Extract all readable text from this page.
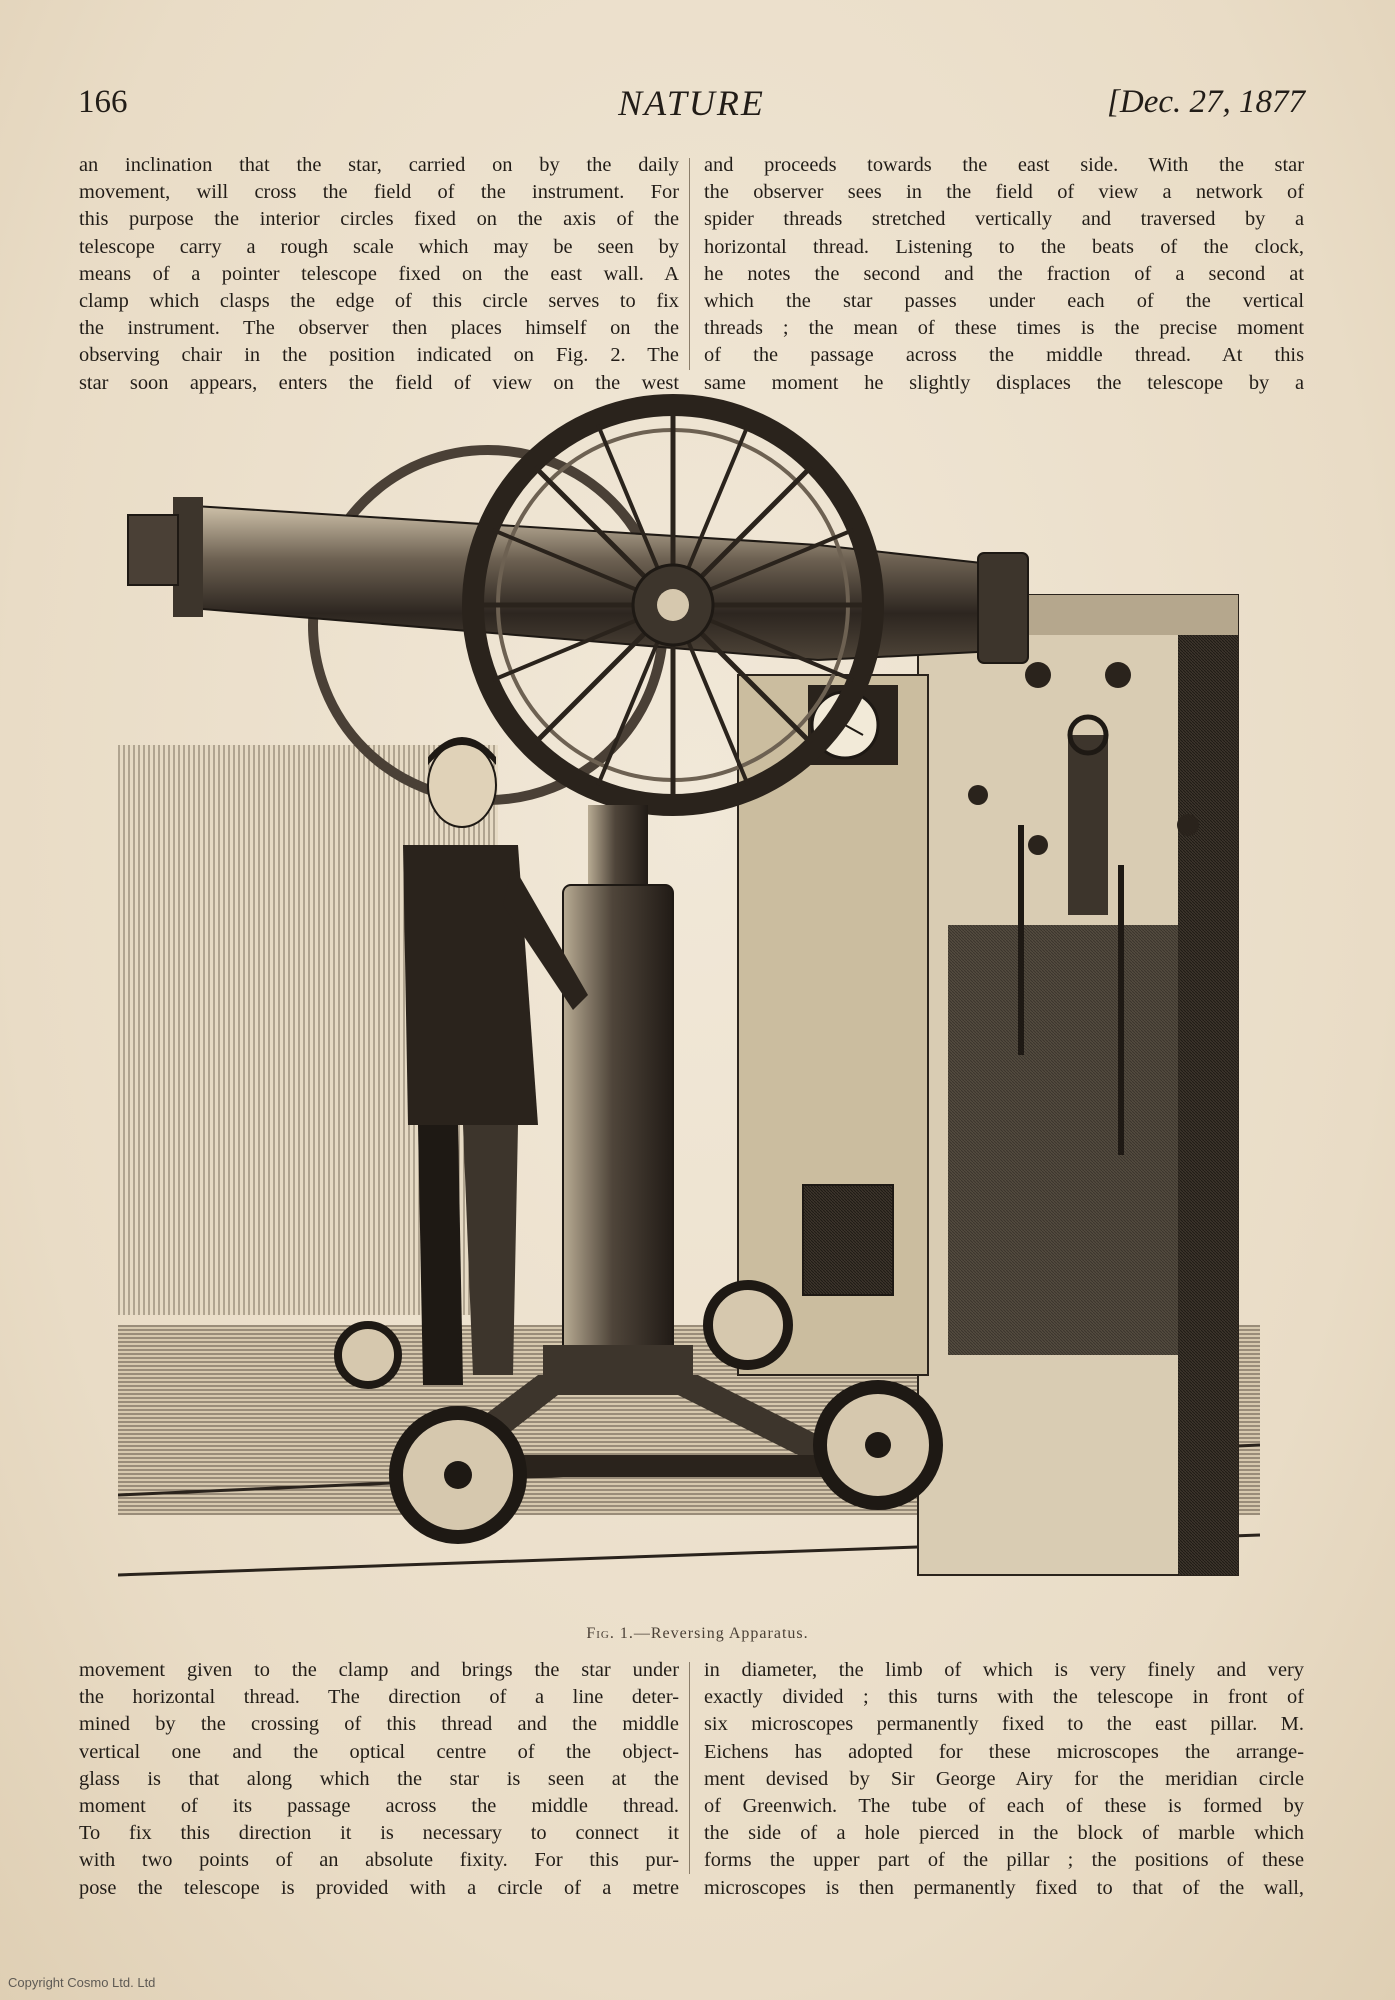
166	NATURE	[Dec. 27, 1877

an inclination that the star, carried on by the daily

movement, will cross the field of the instrument. For

this purpose the interior circles fixed on the axis of the

telescope carry a rough scale which may be seen by

means of a pointer telescope fixed on the east wall. A

clamp which clasps the edge of this circle serves to fix

the instrument. The observer then places himself on the

observing chair in the position indicated on Fig. 2. The

star soon appears, enters the field of view on the west

and proceeds towards the east side. With the star

the observer sees in the field of view a network of

spider threads stretched vertically and traversed by a

horizontal thread. Listening to the beats of the clock,

he notes the second and the fraction of a second at

which the star passes under each of the vertical

threads ; the mean of these times is the precise moment

of the passage across the middle thread. At this

same moment he slightly displaces the telescope by a

Fig. 1.—Reversing Apparatus.

movement given to the clamp and brings the star under

the horizontal thread. The direction of a line deter-

mined by the crossing of this thread and the middle

vertical one and the optical centre of the object-

glass is that along which the star is seen at the

moment of its passage across the middle thread.

To fix this direction it is necessary to connect it

with two points of an absolute fixity. For this pur-

pose the telescope is provided with a circle of a metre

in diameter, the limb of which is very finely and very

exactly divided ; this turns with the telescope in front of

six microscopes permanently fixed to the east pillar. M.

Eichens has adopted for these microscopes the arrange-

ment devised by Sir George Airy for the meridian circle

of Greenwich. The tube of each of these is formed by

the side of a hole pierced in the block of marble which

forms the upper part of the pillar ; the positions of these

microscopes is then permanently fixed to that of the wall,

Copyright Cosmo Ltd. Ltd
